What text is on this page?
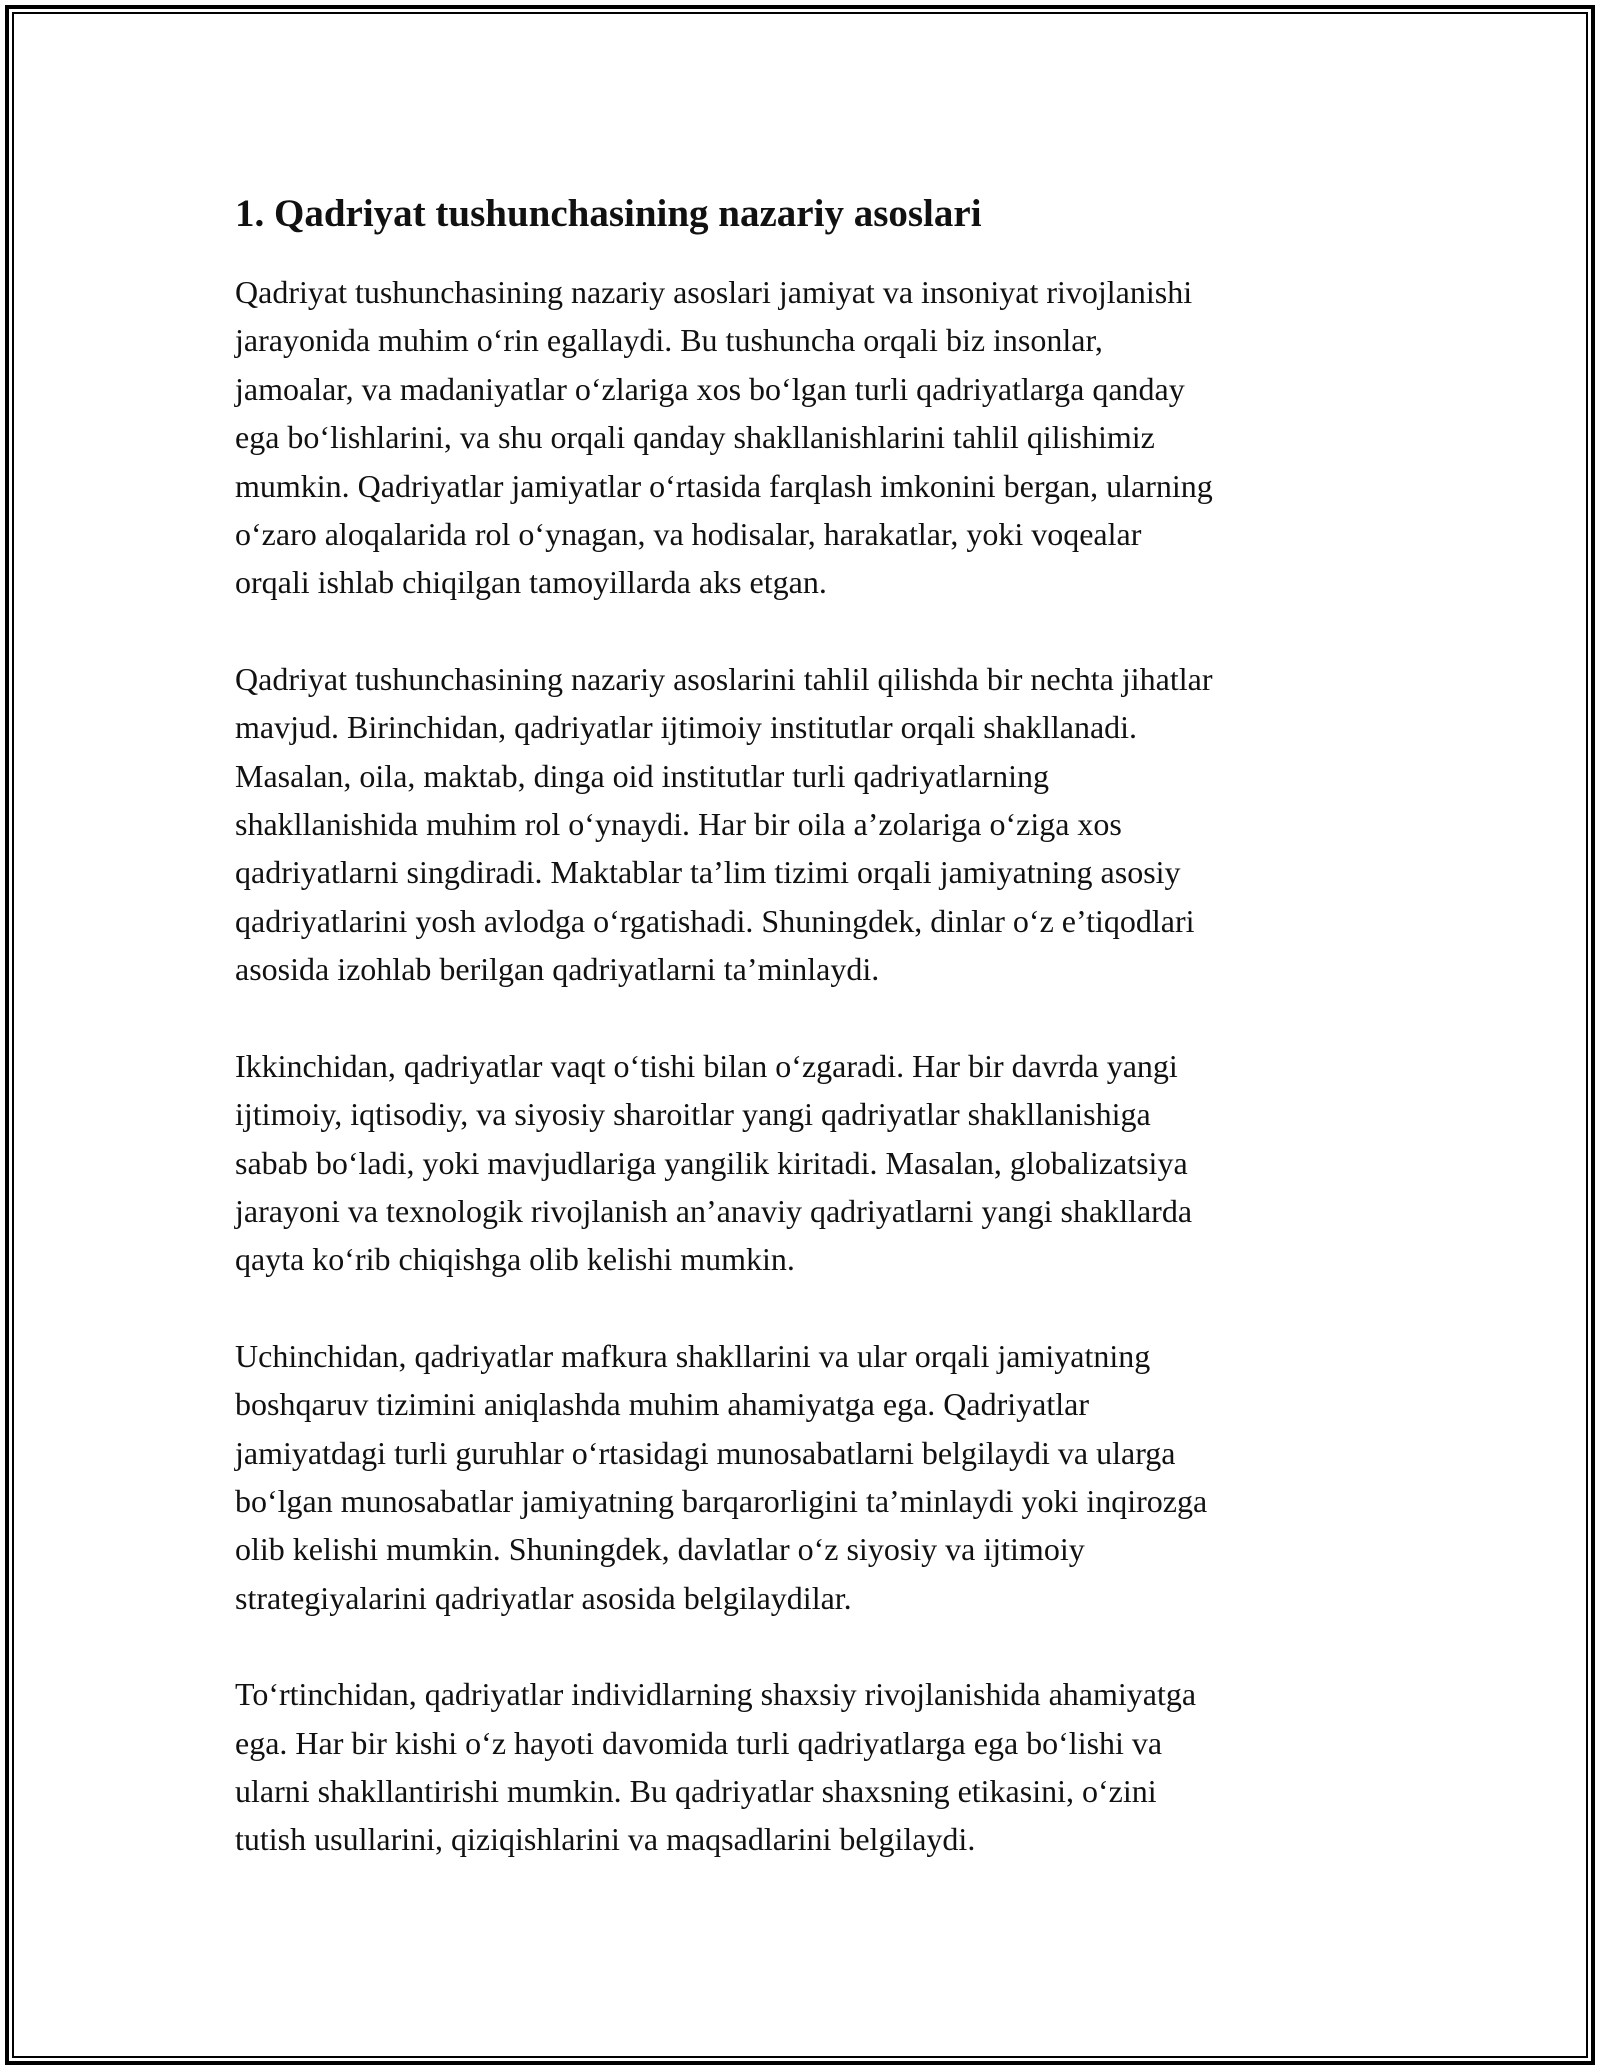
1. Qadriyat tushunchasining nazariy asoslari

Qadriyat tushunchasining nazariy asoslari jamiyat va insoniyat rivojlanishi
jarayonida muhim o‘rin egallaydi. Bu tushuncha orqali biz insonlar,
jamoalar, va madaniyatlar o‘zlariga xos bo‘lgan turli qadriyatlarga qanday
ega bo‘lishlarini, va shu orqali qanday shakllanishlarini tahlil qilishimiz
mumkin. Qadriyatlar jamiyatlar o‘rtasida farqlash imkonini bergan, ularning
o‘zaro aloqalarida rol o‘ynagan, va hodisalar, harakatlar, yoki voqealar
orqali ishlab chiqilgan tamoyillarda aks etgan.

Qadriyat tushunchasining nazariy asoslarini tahlil qilishda bir nechta jihatlar
mavjud. Birinchidan, qadriyatlar ijtimoiy institutlar orqali shakllanadi.
Masalan, oila, maktab, dinga oid institutlar turli qadriyatlarning
shakllanishida muhim rol o‘ynaydi. Har bir oila a’zolariga o‘ziga xos
qadriyatlarni singdiradi. Maktablar ta’lim tizimi orqali jamiyatning asosiy
qadriyatlarini yosh avlodga o‘rgatishadi. Shuningdek, dinlar o‘z e’tiqodlari
asosida izohlab berilgan qadriyatlarni ta’minlaydi.

Ikkinchidan, qadriyatlar vaqt o‘tishi bilan o‘zgaradi. Har bir davrda yangi
ijtimoiy, iqtisodiy, va siyosiy sharoitlar yangi qadriyatlar shakllanishiga
sabab bo‘ladi, yoki mavjudlariga yangilik kiritadi. Masalan, globalizatsiya
jarayoni va texnologik rivojlanish an’anaviy qadriyatlarni yangi shakllarda
qayta ko‘rib chiqishga olib kelishi mumkin.

Uchinchidan, qadriyatlar mafkura shakllarini va ular orqali jamiyatning
boshqaruv tizimini aniqlashda muhim ahamiyatga ega. Qadriyatlar
jamiyatdagi turli guruhlar o‘rtasidagi munosabatlarni belgilaydi va ularga
bo‘lgan munosabatlar jamiyatning barqarorligini ta’minlaydi yoki inqirozga
olib kelishi mumkin. Shuningdek, davlatlar o‘z siyosiy va ijtimoiy
strategiyalarini qadriyatlar asosida belgilaydilar.

To‘rtinchidan, qadriyatlar individlarning shaxsiy rivojlanishida ahamiyatga
ega. Har bir kishi o‘z hayoti davomida turli qadriyatlarga ega bo‘lishi va
ularni shakllantirishi mumkin. Bu qadriyatlar shaxsning etikasini, o‘zini
tutish usullarini, qiziqishlarini va maqsadlarini belgilaydi.
